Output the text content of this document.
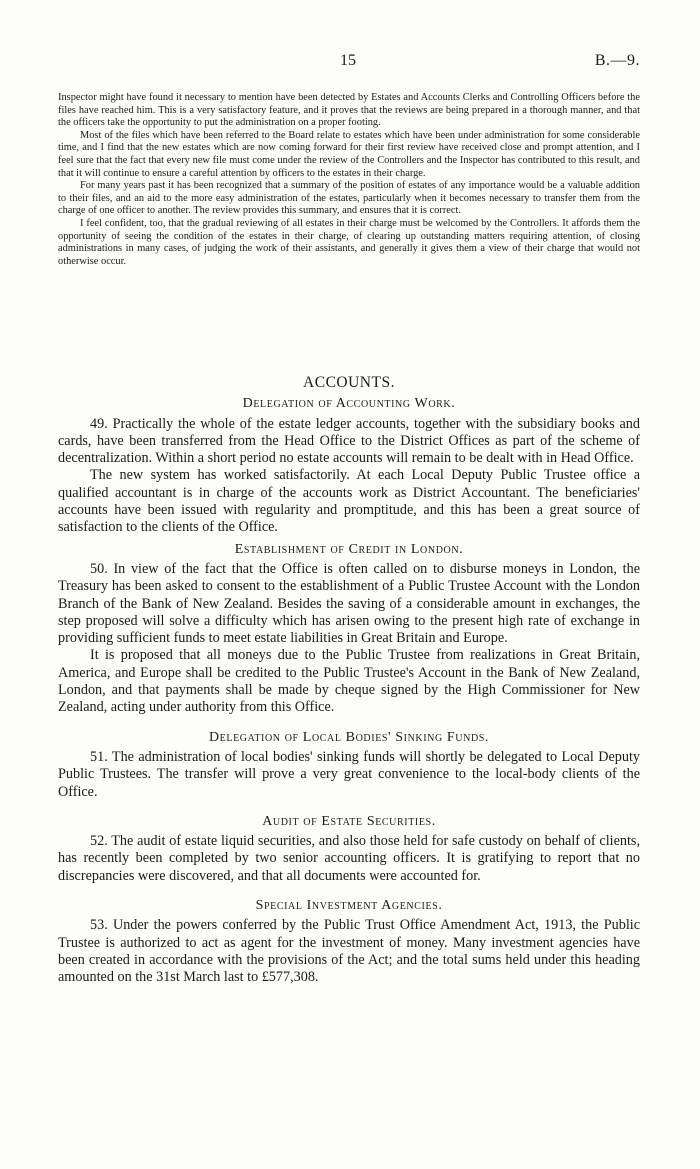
15	B.—9.

Inspector might have found it necessary to mention have been detected by Estates and Accounts Clerks and Controlling Officers before the files have reached him. This is a very satisfactory feature, and it proves that the reviews are being prepared in a thorough manner, and that the officers take the opportunity to put the administration on a proper footing.

Most of the files which have been referred to the Board relate to estates which have been under administration for some considerable time, and I find that the new estates which are now coming forward for their first review have received close and prompt attention, and I feel sure that the fact that every new file must come under the review of the Controllers and the Inspector has contributed to this result, and that it will continue to ensure a careful attention by officers to the estates in their charge.

For many years past it has been recognized that a summary of the position of estates of any importance would be a valuable addition to their files, and an aid to the more easy administration of the estates, particularly when it becomes necessary to transfer them from the charge of one officer to another. The review provides this summary, and ensures that it is correct.

I feel confident, too, that the gradual reviewing of all estates in their charge must be welcomed by the Controllers. It affords them the opportunity of seeing the condition of the estates in their charge, of clearing up outstanding matters requiring attention, of closing administrations in many cases, of judging the work of their assistants, and generally it gives them a view of their charge that would not otherwise occur.

ACCOUNTS.
Delegation of Accounting Work.

49. Practically the whole of the estate ledger accounts, together with the subsidiary books and cards, have been transferred from the Head Office to the District Offices as part of the scheme of decentralization. Within a short period no estate accounts will remain to be dealt with in Head Office.

The new system has worked satisfactorily. At each Local Deputy Public Trustee office a qualified accountant is in charge of the accounts work as District Accountant. The beneficiaries' accounts have been issued with regularity and promptitude, and this has been a great source of satisfaction to the clients of the Office.

Establishment of Credit in London.

50. In view of the fact that the Office is often called on to disburse moneys in London, the Treasury has been asked to consent to the establishment of a Public Trustee Account with the London Branch of the Bank of New Zealand. Besides the saving of a considerable amount in exchanges, the step proposed will solve a difficulty which has arisen owing to the present high rate of exchange in providing sufficient funds to meet estate liabilities in Great Britain and Europe.

It is proposed that all moneys due to the Public Trustee from realizations in Great Britain, America, and Europe shall be credited to the Public Trustee's Account in the Bank of New Zealand, London, and that payments shall be made by cheque signed by the High Commissioner for New Zealand, acting under authority from this Office.

Delegation of Local Bodies' Sinking Funds.

51. The administration of local bodies' sinking funds will shortly be delegated to Local Deputy Public Trustees. The transfer will prove a very great convenience to the local-body clients of the Office.

Audit of Estate Securities.

52. The audit of estate liquid securities, and also those held for safe custody on behalf of clients, has recently been completed by two senior accounting officers. It is gratifying to report that no discrepancies were discovered, and that all documents were accounted for.

Special Investment Agencies.

53. Under the powers conferred by the Public Trust Office Amendment Act, 1913, the Public Trustee is authorized to act as agent for the investment of money. Many investment agencies have been created in accordance with the provisions of the Act; and the total sums held under this heading amounted on the 31st March last to £577,308.
